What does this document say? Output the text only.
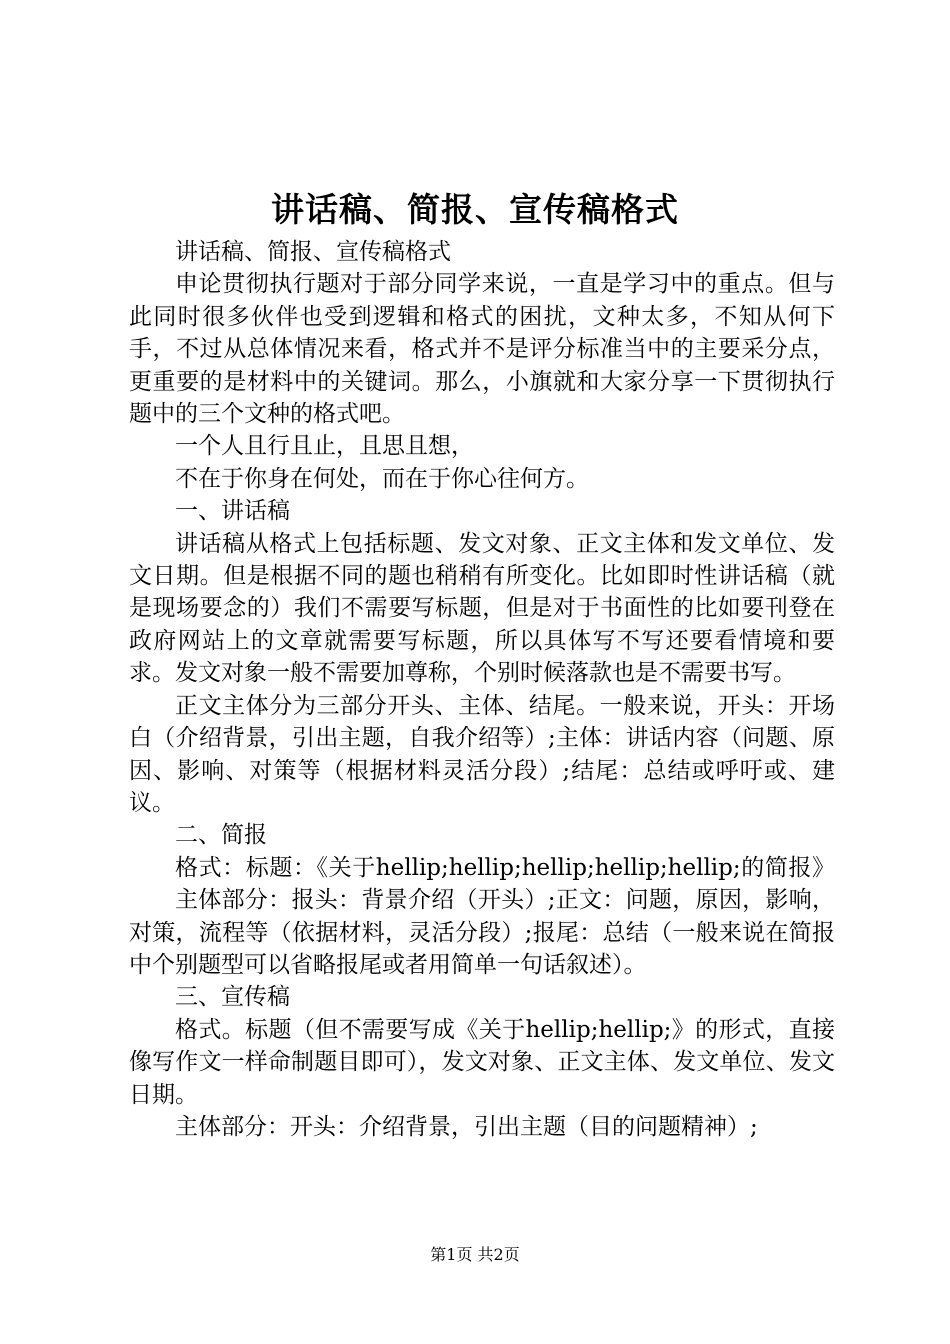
讲话稿、简报、宣传稿格式

讲话稿、简报、宣传稿格式

申论贯彻执行题对于部分同学来说，一直是学习中的重点。但与此同时很多伙伴也受到逻辑和格式的困扰，文种太多，不知从何下手，不过从总体情况来看，格式并不是评分标准当中的主要采分点，更重要的是材料中的关键词。那么，小旗就和大家分享一下贯彻执行题中的三个文种的格式吧。

一个人且行且止，且思且想，

不在于你身在何处，而在于你心往何方。

一、讲话稿

讲话稿从格式上包括标题、发文对象、正文主体和发文单位、发文日期。但是根据不同的题也稍稍有所变化。比如即时性讲话稿（就是现场要念的）我们不需要写标题，但是对于书面性的比如要刊登在政府网站上的文章就需要写标题，所以具体写不写还要看情境和要求。发文对象一般不需要加尊称，个别时候落款也是不需要书写。

正文主体分为三部分开头、主体、结尾。一般来说，开头：开场白（介绍背景，引出主题，自我介绍等）;主体：讲话内容（问题、原因、影响、对策等（根据材料灵活分段）;结尾：总结或呼吁或、建议。

二、简报

格式：标题：《关于hellip;hellip;hellip;hellip;hellip;的简报》

主体部分：报头：背景介绍（开头）;正文：问题，原因，影响，对策，流程等（依据材料，灵活分段）;报尾：总结（一般来说在简报中个别题型可以省略报尾或者用简单一句话叙述）。

三、宣传稿

格式。标题（但不需要写成《关于hellip;hellip;》的形式，直接像写作文一样命制题目即可），发文对象、正文主体、发文单位、发文日期。

主体部分：开头：介绍背景，引出主题（目的问题精神）;

第1页 共2页
